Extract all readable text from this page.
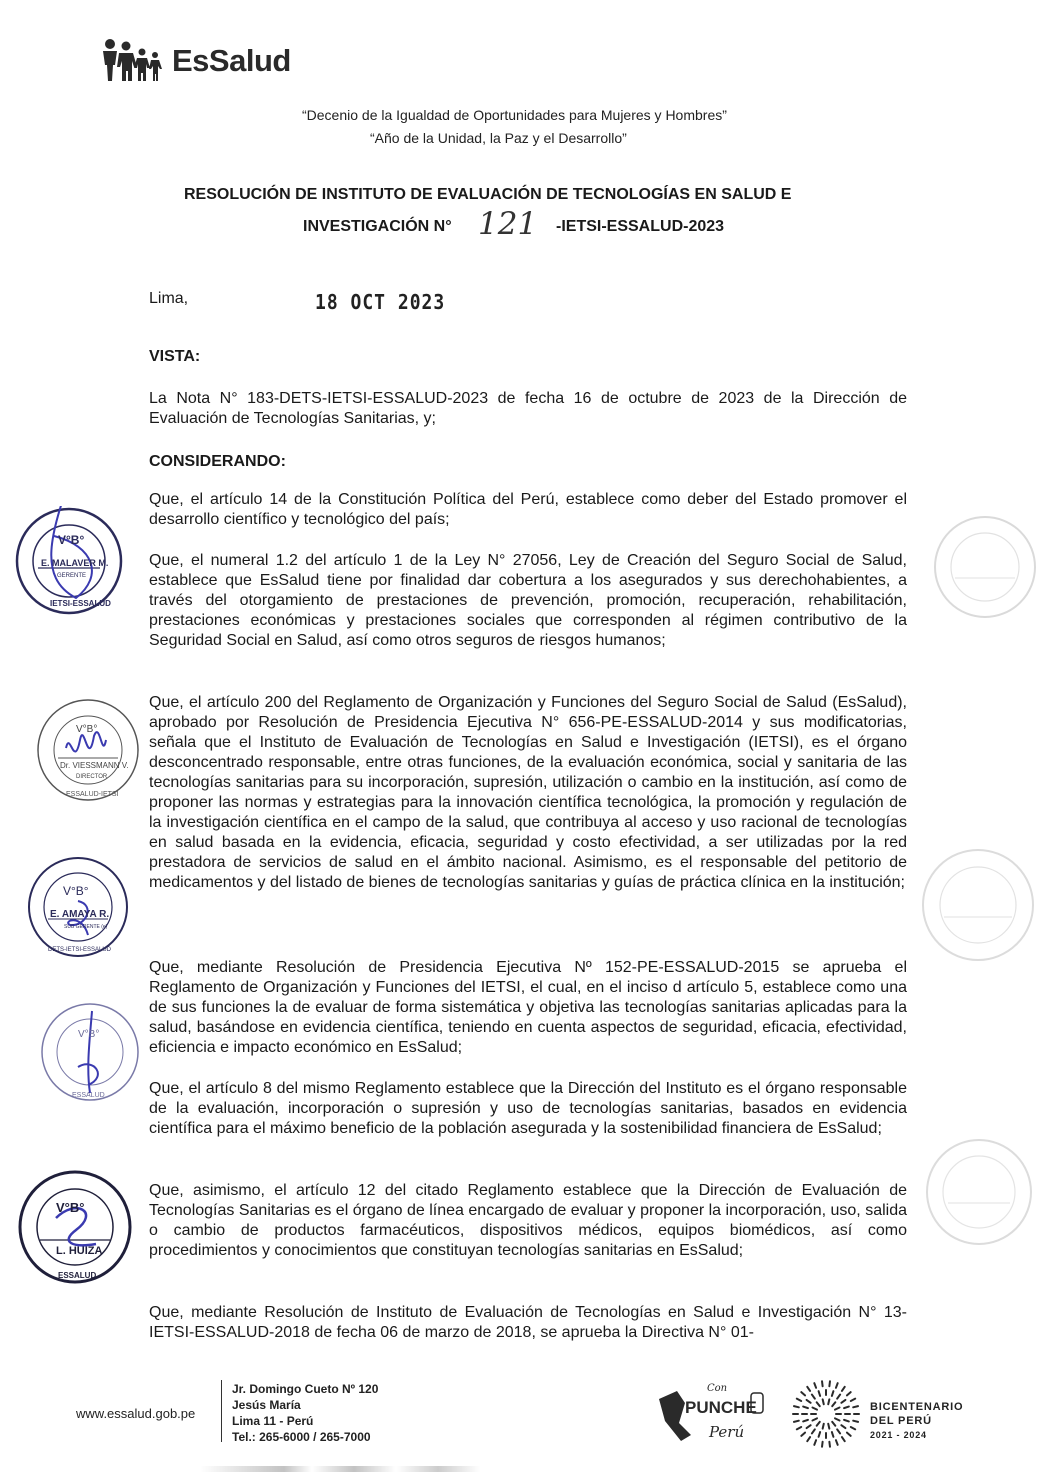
EsSalud
“Decenio de la Igualdad de Oportunidades para Mujeres y Hombres”
“Año de la Unidad, la Paz y el Desarrollo”
RESOLUCIÓN DE INSTITUTO DE EVALUACIÓN DE TECNOLOGÍAS EN SALUD E
INVESTIGACIÓN N° 121 -IETSI-ESSALUD-2023
Lima,	18 OCT 2023
VISTA:

La Nota N° 183-DETS-IETSI-ESSALUD-2023 de fecha 16 de octubre de 2023 de la Dirección de Evaluación de Tecnologías Sanitarias, y;

CONSIDERANDO:

Que, el artículo 14 de la Constitución Política del Perú, establece como deber del Estado promover el desarrollo científico y tecnológico del país;

Que, el numeral 1.2 del artículo 1 de la Ley N° 27056, Ley de Creación del Seguro Social de Salud, establece que EsSalud tiene por finalidad dar cobertura a los asegurados y sus derechohabientes, a través del otorgamiento de prestaciones de prevención, promoción, recuperación, rehabilitación, prestaciones económicas y prestaciones sociales que corresponden al régimen contributivo de la Seguridad Social en Salud, así como otros seguros de riesgos humanos;

Que, el artículo 200 del Reglamento de Organización y Funciones del Seguro Social de Salud (EsSalud), aprobado por Resolución de Presidencia Ejecutiva N° 656-PE-ESSALUD-2014 y sus modificatorias, señala que el Instituto de Evaluación de Tecnologías en Salud e Investigación (IETSI), es el órgano desconcentrado responsable, entre otras funciones, de la evaluación económica, social y sanitaria de las tecnologías sanitarias para su incorporación, supresión, utilización o cambio en la institución, así como de proponer las normas y estrategias para la innovación científica tecnológica, la promoción y regulación de la investigación científica en el campo de la salud, que contribuya al acceso y uso racional de tecnologías en salud basada en la evidencia, eficacia, seguridad y costo efectividad, a ser utilizadas por la red prestadora de servicios de salud en el ámbito nacional. Asimismo, es el responsable del petitorio de medicamentos y del listado de bienes de tecnologías sanitarias y guías de práctica clínica en la institución;

Que, mediante Resolución de Presidencia Ejecutiva Nº 152-PE-ESSALUD-2015 se aprueba el Reglamento de Organización y Funciones del IETSI, el cual, en el inciso d artículo 5, establece como una de sus funciones la de evaluar de forma sistemática y objetiva las tecnologías sanitarias aplicadas para la salud, basándose en evidencia científica, teniendo en cuenta aspectos de seguridad, eficacia, efectividad, eficiencia e impacto económico en EsSalud;

Que, el artículo 8 del mismo Reglamento establece que la Dirección del Instituto es el órgano responsable de la evaluación, incorporación o supresión y uso de tecnologías sanitarias, basados en evidencia científica para el máximo beneficio de la población asegurada y la sostenibilidad financiera de EsSalud;

Que, asimismo, el artículo 12 del citado Reglamento establece que la Dirección de Evaluación de Tecnologías Sanitarias es el órgano de línea encargado de evaluar y proponer la incorporación, uso, salida o cambio de productos farmacéuticos, dispositivos médicos, equipos biomédicos, así como procedimientos y conocimientos que constituyan tecnologías sanitarias en EsSalud;

Que, mediante Resolución de Instituto de Evaluación de Tecnologías en Salud e Investigación N° 13-IETSI-ESSALUD-2018 de fecha 06 de marzo de 2018, se aprueba la Directiva N° 01-

V°B°
E. MALAVER M.
GERENTE
IETSI-ESSALUD
V°B°
Dr. VIESSMANN V.
DIRECTOR
ESSALUD-IETSI
V°B°
E. AMAYA R.
SUB GERENTE (e)
DETS-IETSI-ESSALUD
V°B°
ESSALUD
V°B°
L. HUIZA
ESSALUD
www.essalud.gob.pe
Jr. Domingo Cueto Nº 120
Jesús María
Lima 11 - Perú
Tel.: 265-6000 / 265-7000
Con
PUNCHE
Perú
BICENTENARIO
DEL PERÚ
2021 - 2024
